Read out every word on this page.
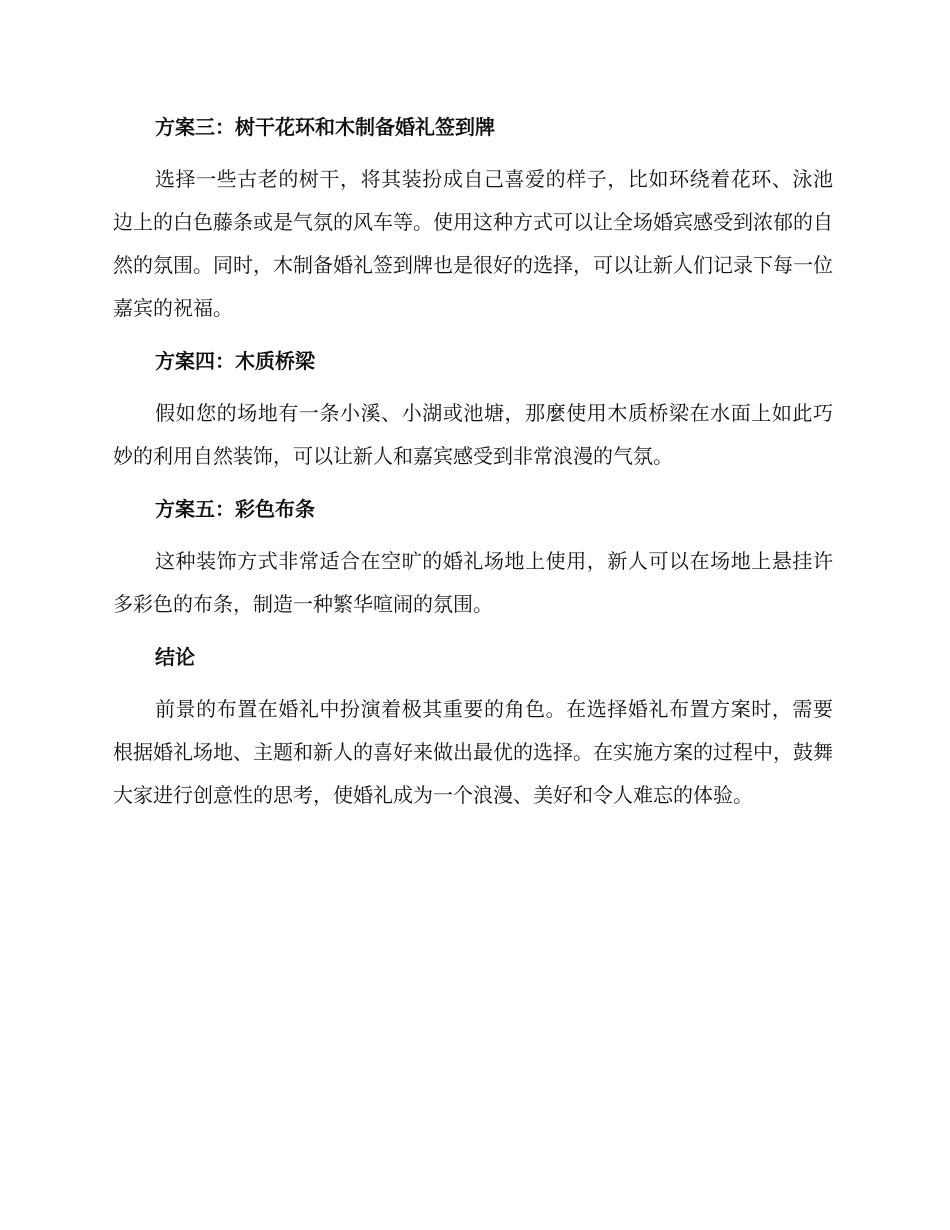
方案三：树干花环和木制备婚礼签到牌

选择一些古老的树干，将其装扮成自己喜爱的样子，比如环绕着花环、泳池边上的白色藤条或是气氛的风车等。使用这种方式可以让全场婚宾感受到浓郁的自然的氛围。同时，木制备婚礼签到牌也是很好的选择，可以让新人们记录下每一位嘉宾的祝福。

方案四：木质桥梁

假如您的场地有一条小溪、小湖或池塘，那麼使用木质桥梁在水面上如此巧妙的利用自然装饰，可以让新人和嘉宾感受到非常浪漫的气氛。

方案五：彩色布条

这种装饰方式非常适合在空旷的婚礼场地上使用，新人可以在场地上悬挂许多彩色的布条，制造一种繁华喧闹的氛围。

结论

前景的布置在婚礼中扮演着极其重要的角色。在选择婚礼布置方案时，需要根据婚礼场地、主题和新人的喜好来做出最优的选择。在实施方案的过程中，鼓舞大家进行创意性的思考，使婚礼成为一个浪漫、美好和令人难忘的体验。
